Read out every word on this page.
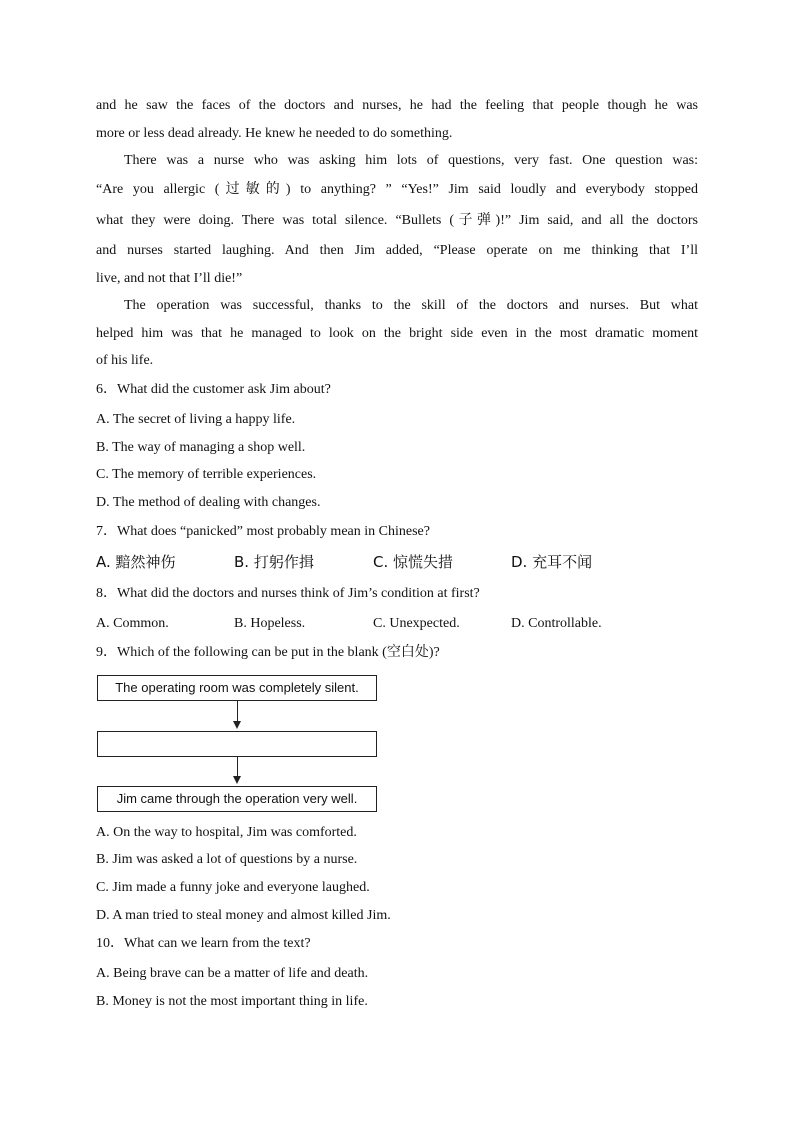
and he saw the faces of the doctors and nurses, he had the feeling that people though he was
more or less dead already. He knew he needed to do something.
There was a nurse who was asking him lots of questions, very fast. One question was:
“Are you allergic (过敏的) to anything? ” “Yes!” Jim said loudly and everybody stopped
what they were doing. There was total silence. “Bullets (子弹)!” Jim said, and all the doctors
and nurses started laughing. And then Jim added, “Please operate on me thinking that I’ll
live, and not that I’ll die!”
The operation was successful, thanks to the skill of the doctors and nurses. But what
helped him was that he managed to look on the bright side even in the most dramatic moment
of his life.
6．What did the customer ask Jim about?
A. The secret of living a happy life.
B. The way of managing a shop well.
C. The memory of terrible experiences.
D. The method of dealing with changes.
7．What does “panicked” most probably mean in Chinese?
A. 黯然神伤	B. 打躬作揖	C. 惊慌失措	D. 充耳不闻
8．What did the doctors and nurses think of Jim’s condition at first?
A. Common.	B. Hopeless.	C. Unexpected.	D. Controllable.
9．Which of the following can be put in the blank (空白处)?
The operating room was completely silent.
Jim came through the operation very well.
A. On the way to hospital, Jim was comforted.
B. Jim was asked a lot of questions by a nurse.
C. Jim made a funny joke and everyone laughed.
D. A man tried to steal money and almost killed Jim.
10．What can we learn from the text?
A. Being brave can be a matter of life and death.
B. Money is not the most important thing in life.
